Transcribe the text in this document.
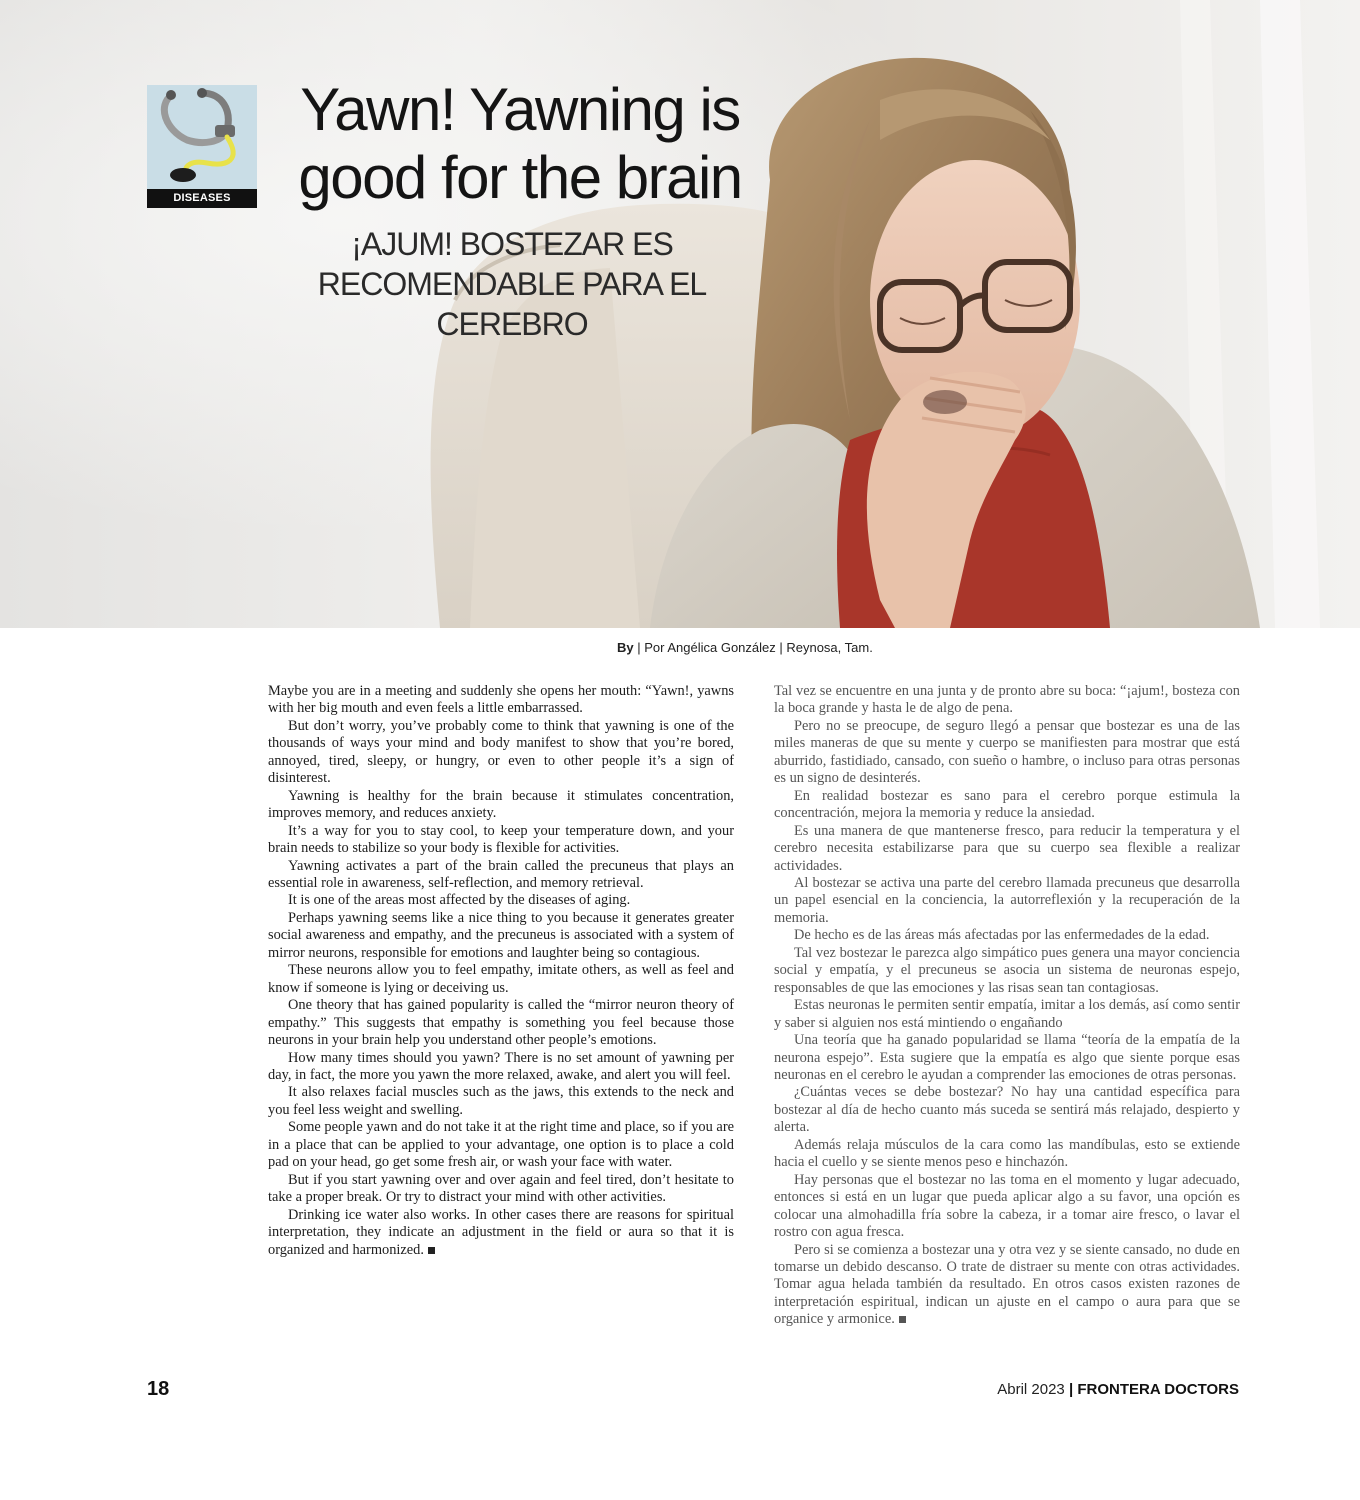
DISEASES
Yawn! Yawning is good for the brain
¡AJUM! BOSTEZAR ES RECOMENDABLE PARA EL CEREBRO
By | Por Angélica González | Reynosa, Tam.

Maybe you are in a meeting and suddenly she opens her mouth: “Yawn!, yawns with her big mouth and even feels a little embarrassed.

But don’t worry, you’ve probably come to think that yawning is one of the thousands of ways your mind and body manifest to show that you’re bored, annoyed, tired, sleepy, or hungry, or even to other people it’s a sign of disinterest.

Yawning is healthy for the brain because it stimulates concentration, improves memory, and reduces anxiety.

It’s a way for you to stay cool, to keep your temperature down, and your brain needs to stabilize so your body is flexible for activities.

Yawning activates a part of the brain called the precuneus that plays an essential role in awareness, self-reflection, and memory retrieval.

It is one of the areas most affected by the diseases of aging.

Perhaps yawning seems like a nice thing to you because it generates greater social awareness and empathy, and the precuneus is associated with a system of mirror neurons, responsible for emotions and laughter being so contagious.

These neurons allow you to feel empathy, imitate others, as well as feel and know if someone is lying or deceiving us.

One theory that has gained popularity is called the “mirror neuron theory of empathy.” This suggests that empathy is something you feel because those neurons in your brain help you understand other people’s emotions.

How many times should you yawn? There is no set amount of yawning per day, in fact, the more you yawn the more relaxed, awake, and alert you will feel.

It also relaxes facial muscles such as the jaws, this extends to the neck and you feel less weight and swelling.

Some people yawn and do not take it at the right time and place, so if you are in a place that can be applied to your advantage, one option is to place a cold pad on your head, go get some fresh air, or wash your face with water.

But if you start yawning over and over again and feel tired, don’t hesitate to take a proper break. Or try to distract your mind with other activities.

Drinking ice water also works. In other cases there are reasons for spiritual interpretation, they indicate an adjustment in the field or aura so that it is organized and harmonized.

Tal vez se encuentre en una junta y de pronto abre su boca: “¡ajum!, bosteza con la boca grande y hasta le de algo de pena.

Pero no se preocupe, de seguro llegó a pensar que bostezar es una de las miles maneras de que su mente y cuerpo se manifiesten para mostrar que está aburrido, fastidiado, cansado, con sueño o hambre, o incluso para otras personas es un signo de desinterés.

En realidad bostezar es sano para el cerebro porque estimula la concentración, mejora la memoria y reduce la ansiedad.

Es una manera de que mantenerse fresco, para reducir la temperatura y el cerebro necesita estabilizarse para que su cuerpo sea flexible a realizar actividades.

Al bostezar se activa una parte del cerebro llamada precuneus que desarrolla un papel esencial en la conciencia, la autorreflexión y la recuperación de la memoria.

De hecho es de las áreas más afectadas por las enfermedades de la edad.

Tal vez bostezar le parezca algo simpático pues genera una mayor conciencia social y empatía, y el precuneus se asocia un sistema de neuronas espejo, responsables de que las emociones y las risas sean tan contagiosas.

Estas neuronas le permiten sentir empatía, imitar a los demás, así como sentir y saber si alguien nos está mintiendo o engañando

Una teoría que ha ganado popularidad se llama “teoría de la empatía de la neurona espejo”. Esta sugiere que la empatía es algo que siente porque esas neuronas en el cerebro le ayudan a comprender las emociones de otras personas.

¿Cuántas veces se debe bostezar? No hay una cantidad específica para bostezar al día de hecho cuanto más suceda se sentirá más relajado, despierto y alerta.

Además relaja músculos de la cara como las mandíbulas, esto se extiende hacia el cuello y se siente menos peso e hinchazón.

Hay personas que el bostezar no las toma en el momento y lugar adecuado, entonces si está en un lugar que pueda aplicar algo a su favor, una opción es colocar una almohadilla fría sobre la cabeza, ir a tomar aire fresco, o lavar el rostro con agua fresca.

Pero si se comienza a bostezar una y otra vez y se siente cansado, no dude en tomarse un debido descanso. O trate de distraer su mente con otras actividades. Tomar agua helada también da resultado. En otros casos existen razones de interpretación espiritual, indican un ajuste en el campo o aura para que se organice y armonice.

18	Abril 2023 | FRONTERA DOCTORS
